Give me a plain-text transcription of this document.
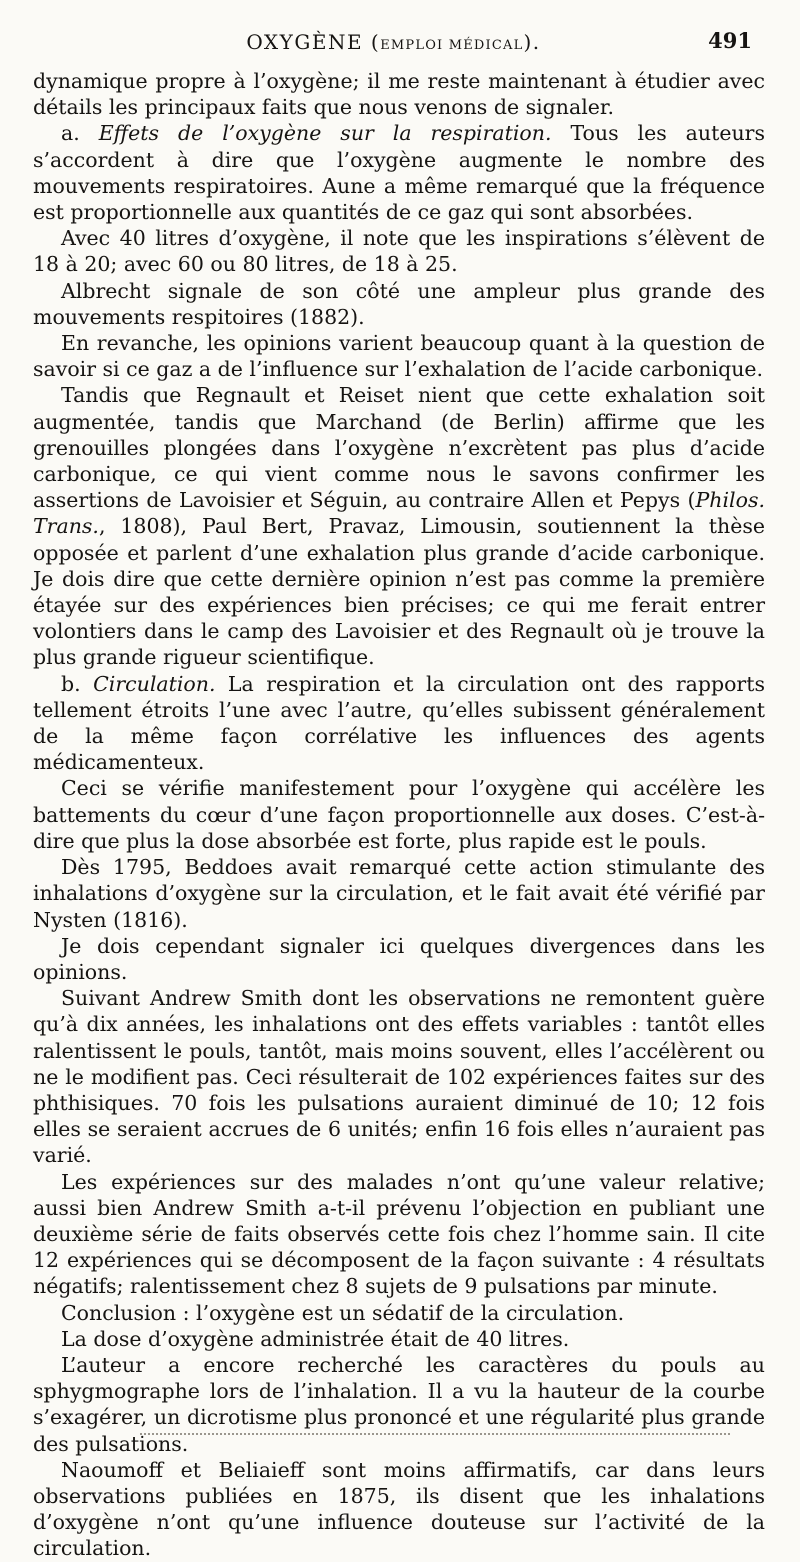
OXYGÈNE (EMPLOI MÉDICAL).	491

dynamique propre à l’oxygène; il me reste maintenant à étudier avec détails les principaux faits que nous venons de signaler.

a. Effets de l’oxygène sur la respiration. Tous les auteurs s’accordent à dire que l’oxygène augmente le nombre des mouvements respiratoires. Aune a même remarqué que la fréquence est proportionnelle aux quantités de ce gaz qui sont absorbées.

Avec 40 litres d’oxygène, il note que les inspirations s’élèvent de 18 à 20; avec 60 ou 80 litres, de 18 à 25.

Albrecht signale de son côté une ampleur plus grande des mouvements respitoires (1882).

En revanche, les opinions varient beaucoup quant à la question de savoir si ce gaz a de l’influence sur l’exhalation de l’acide carbonique.

Tandis que Regnault et Reiset nient que cette exhalation soit augmentée, tandis que Marchand (de Berlin) affirme que les grenouilles plongées dans l’oxygène n’excrètent pas plus d’acide carbonique, ce qui vient comme nous le savons confirmer les assertions de Lavoisier et Séguin, au contraire Allen et Pepys (Philos. Trans., 1808), Paul Bert, Pravaz, Limousin, soutiennent la thèse opposée et parlent d’une exhalation plus grande d’acide carbonique. Je dois dire que cette dernière opinion n’est pas comme la première étayée sur des expériences bien précises; ce qui me ferait entrer volontiers dans le camp des Lavoisier et des Regnault où je trouve la plus grande rigueur scientifique.

b. Circulation. La respiration et la circulation ont des rapports tellement étroits l’une avec l’autre, qu’elles subissent généralement de la même façon corrélative les influences des agents médicamenteux.

Ceci se vérifie manifestement pour l’oxygène qui accélère les battements du cœur d’une façon proportionnelle aux doses. C’est-à-dire que plus la dose absorbée est forte, plus rapide est le pouls.

Dès 1795, Beddoes avait remarqué cette action stimulante des inhalations d’oxygène sur la circulation, et le fait avait été vérifié par Nysten (1816).

Je dois cependant signaler ici quelques divergences dans les opinions.

Suivant Andrew Smith dont les observations ne remontent guère qu’à dix années, les inhalations ont des effets variables : tantôt elles ralentissent le pouls, tantôt, mais moins souvent, elles l’accélèrent ou ne le modifient pas. Ceci résulterait de 102 expériences faites sur des phthisiques. 70 fois les pulsations auraient diminué de 10; 12 fois elles se seraient accrues de 6 unités; enfin 16 fois elles n’auraient pas varié.

Les expériences sur des malades n’ont qu’une valeur relative; aussi bien Andrew Smith a-t-il prévenu l’objection en publiant une deuxième série de faits observés cette fois chez l’homme sain. Il cite 12 expériences qui se décomposent de la façon suivante : 4 résultats négatifs; ralentissement chez 8 sujets de 9 pulsations par minute.

Conclusion : l’oxygène est un sédatif de la circulation.

La dose d’oxygène administrée était de 40 litres.

L’auteur a encore recherché les caractères du pouls au sphygmographe lors de l’inhalation. Il a vu la hauteur de la courbe s’exagérer, un dicrotisme plus prononcé et une régularité plus grande des pulsations.

Naoumoff et Beliaieff sont moins affirmatifs, car dans leurs observations publiées en 1875, ils disent que les inhalations d’oxygène n’ont qu’une influence douteuse sur l’activité de la circulation.
